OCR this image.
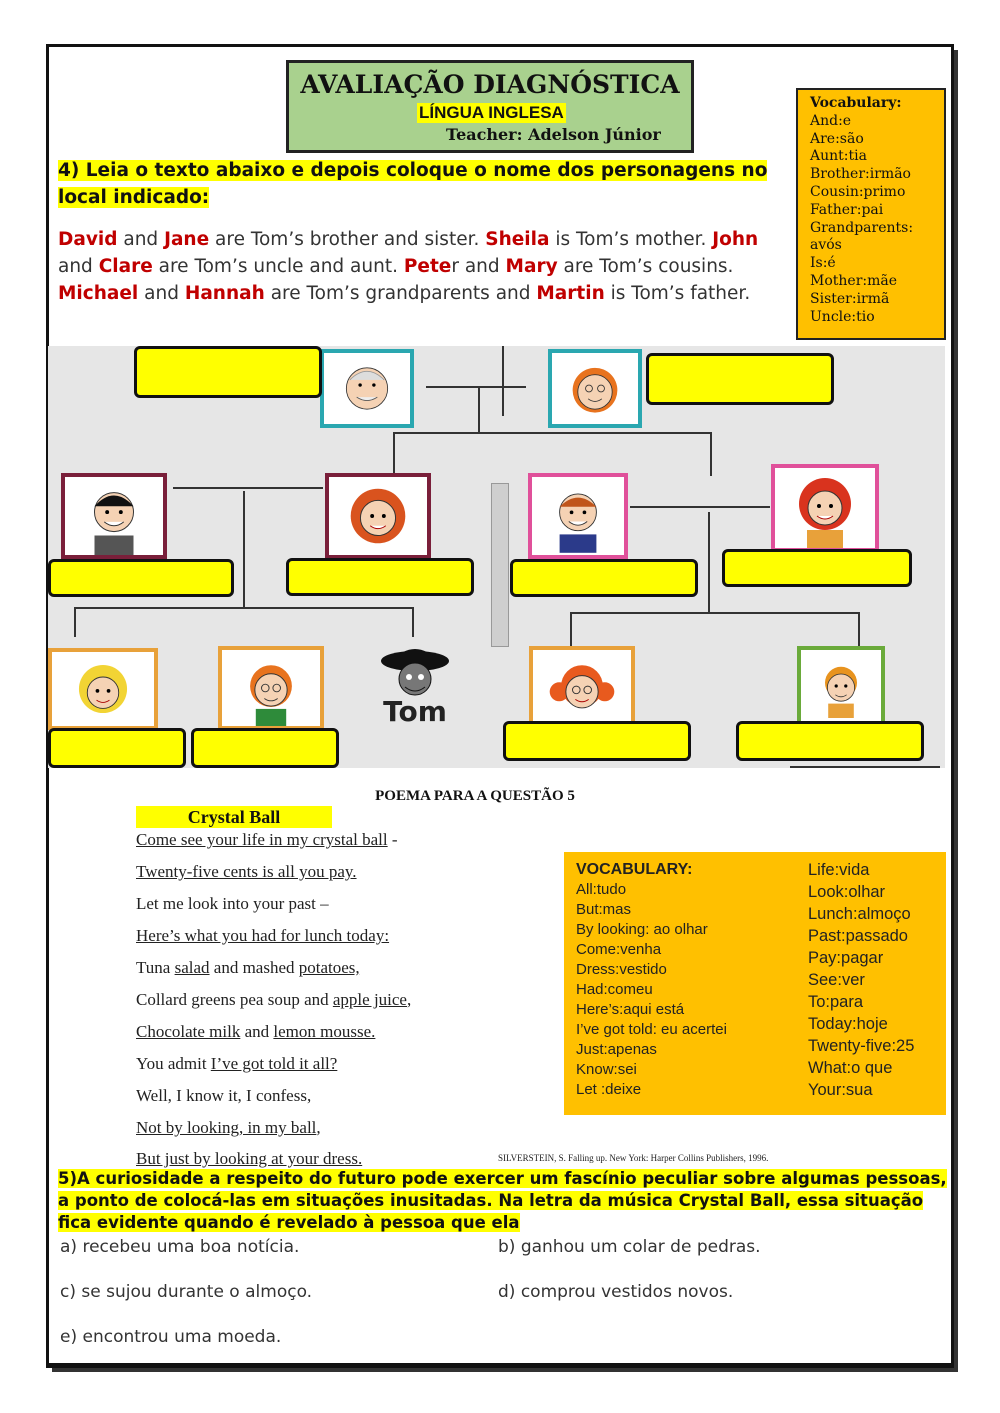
AVALIAÇÃO DIAGNÓSTICA
LÍNGUA INGLESA
Teacher: Adelson Júnior
Vocabulary:
And:e
Are:são
Aunt:tia
Brother:irmão
Cousin:primo
Father:pai
Grandparents:
avós
Is:é
Mother:mãe
Sister:irmã
Uncle:tio
4) Leia o texto abaixo e depois coloque o nome dos personagens no local indicado:
David and Jane are Tom’s brother and sister. Sheila is Tom’s mother. John and Clare are Tom’s uncle and aunt. Peter and Mary are Tom’s cousins. Michael and Hannah are Tom’s grandparents and Martin is Tom’s father.
Tom
POEMA PARA A QUESTÃO 5
Crystal Ball
Come see your life in my crystal ball -
Twenty-five cents is all you pay.
Let me look into your past –
Here’s what you had for lunch today:
Tuna salad and mashed potatoes,
Collard greens pea soup and apple juice,
Chocolate milk and lemon mousse.
You admit I’ve got told it all?
Well, I know it, I confess,
Not by looking, in my ball,
But just by looking at your dress.	SILVERSTEIN, S. Falling up. New York: Harper Collins Publishers, 1996.
VOCABULARY:
All:tudo
But:mas
By looking: ao olhar
Come:venha
Dress:vestido
Had:comeu
Here’s:aqui está
I’ve got told: eu acertei
Just:apenas
Know:sei
Let :deixe
Life:vida
Look:olhar
Lunch:almoço
Past:passado
Pay:pagar
See:ver
To:para
Today:hoje
Twenty-five:25
What:o que
Your:sua
5)A curiosidade a respeito do futuro pode exercer um fascínio peculiar sobre algumas pessoas, a ponto de colocá-las em situações inusitadas. Na letra da música Crystal Ball, essa situação fica evidente quando é revelado à pessoa que ela
a) recebeu uma boa notícia.	b) ganhou um colar de pedras.
c) se sujou durante o almoço.	d) comprou vestidos novos.
e) encontrou uma moeda.
